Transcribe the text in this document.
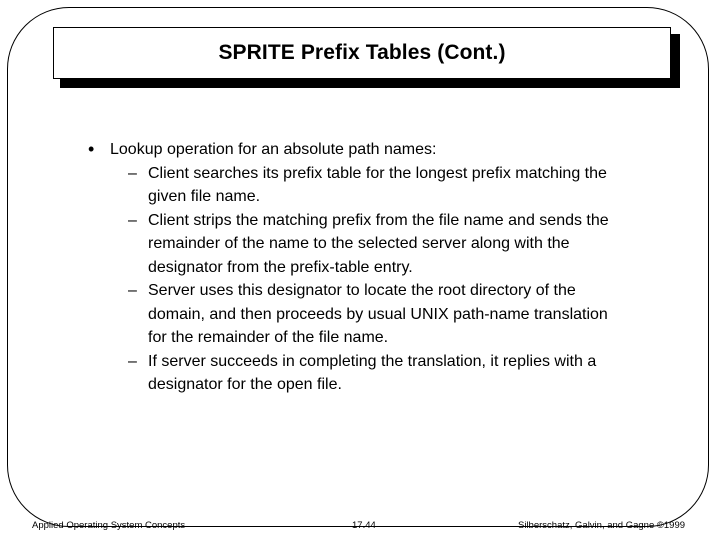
SPRITE Prefix Tables (Cont.)
• Lookup operation for an absolute path names:
– Client searches its prefix table for the longest prefix matching the given file name.
– Client strips the matching prefix from the file name and sends the remainder of the name to the selected server along with the designator from the prefix-table entry.
– Server uses this designator to locate the root directory of the domain, and then proceeds by usual UNIX path-name translation for the remainder of the file name.
– If server succeeds in completing the translation, it replies with a designator for the open file.
Applied Operating System Concepts	17.44	Silberschatz, Galvin, and Gagne ©1999
